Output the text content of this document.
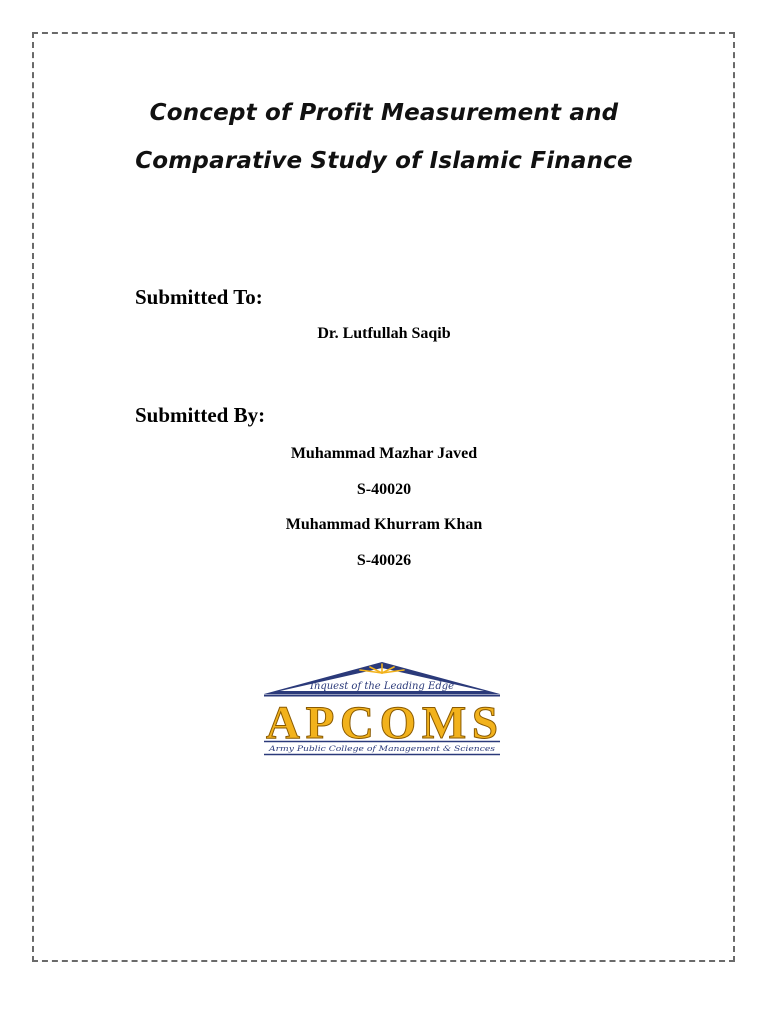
Concept of Profit Measurement and
Comparative Study of Islamic Finance
Submitted To:
Dr. Lutfullah Saqib
Submitted By:
Muhammad Mazhar Javed
S-40020
Muhammad Khurram Khan
S-40026
Inquest of the Leading Edge
APCOMS
Army Public College of Management & Sciences
